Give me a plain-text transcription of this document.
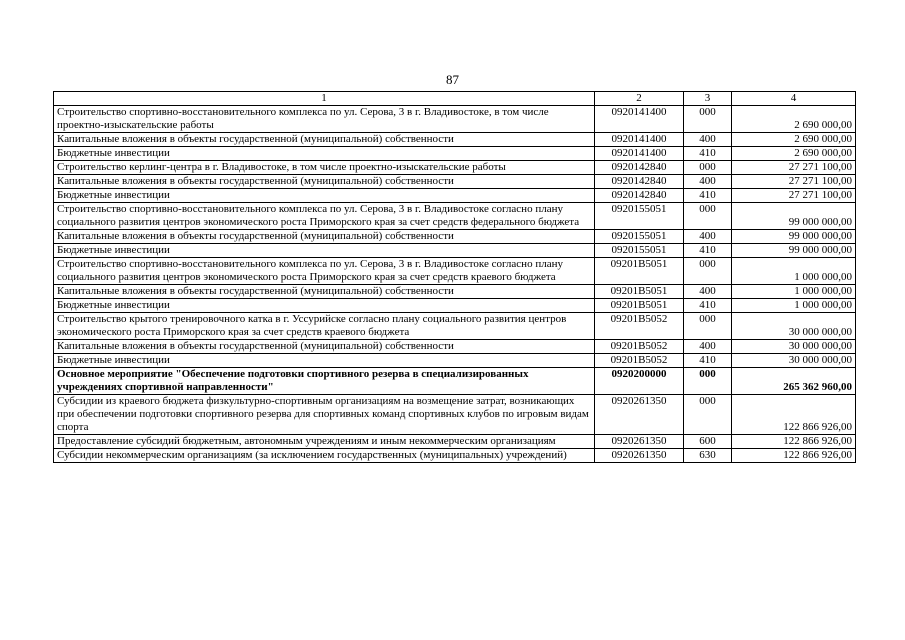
87
1	2	3	4
Строительство спортивно-восстановительного комплекса по ул. Серова, 3 в г. Владивостоке, в том числе проектно-изыскательские работы	0920141400	000	2 690 000,00
Капитальные вложения в объекты государственной (муниципальной) собственности	0920141400	400	2 690 000,00
Бюджетные инвестиции	0920141400	410	2 690 000,00
Строительство керлинг-центра в г. Владивостоке, в том числе проектно-изыскательские работы	0920142840	000	27 271 100,00
Капитальные вложения в объекты государственной (муниципальной) собственности	0920142840	400	27 271 100,00
Бюджетные инвестиции	0920142840	410	27 271 100,00
Строительство спортивно-восстановительного комплекса по ул. Серова, 3 в г. Владивостоке согласно плану социального развития центров экономического роста Приморского края за счет средств федерального бюджета	0920155051	000	99 000 000,00
Капитальные вложения в объекты государственной (муниципальной) собственности	0920155051	400	99 000 000,00
Бюджетные инвестиции	0920155051	410	99 000 000,00
Строительство спортивно-восстановительного комплекса по ул. Серова, 3 в г. Владивостоке согласно плану социального развития центров экономического роста Приморского края за счет средств краевого бюджета	09201B5051	000	1 000 000,00
Капитальные вложения в объекты государственной (муниципальной) собственности	09201B5051	400	1 000 000,00
Бюджетные инвестиции	09201B5051	410	1 000 000,00
Строительство крытого тренировочного катка в г. Уссурийске согласно плану социального развития центров экономического роста Приморского края за счет средств краевого бюджета	09201B5052	000	30 000 000,00
Капитальные вложения в объекты государственной (муниципальной) собственности	09201B5052	400	30 000 000,00
Бюджетные инвестиции	09201B5052	410	30 000 000,00
Основное мероприятие "Обеспечение подготовки спортивного резерва в специализированных учреждениях спортивной направленности"	0920200000	000	265 362 960,00
Субсидии из краевого бюджета физкультурно-спортивным организациям на возмещение затрат, возникающих при обеспечении подготовки спортивного резерва для спортивных команд спортивных клубов по игровым видам спорта	0920261350	000	122 866 926,00
Предоставление субсидий бюджетным, автономным учреждениям и иным некоммерческим организациям	0920261350	600	122 866 926,00
Субсидии некоммерческим организациям (за исключением государственных (муниципальных) учреждений)	0920261350	630	122 866 926,00
